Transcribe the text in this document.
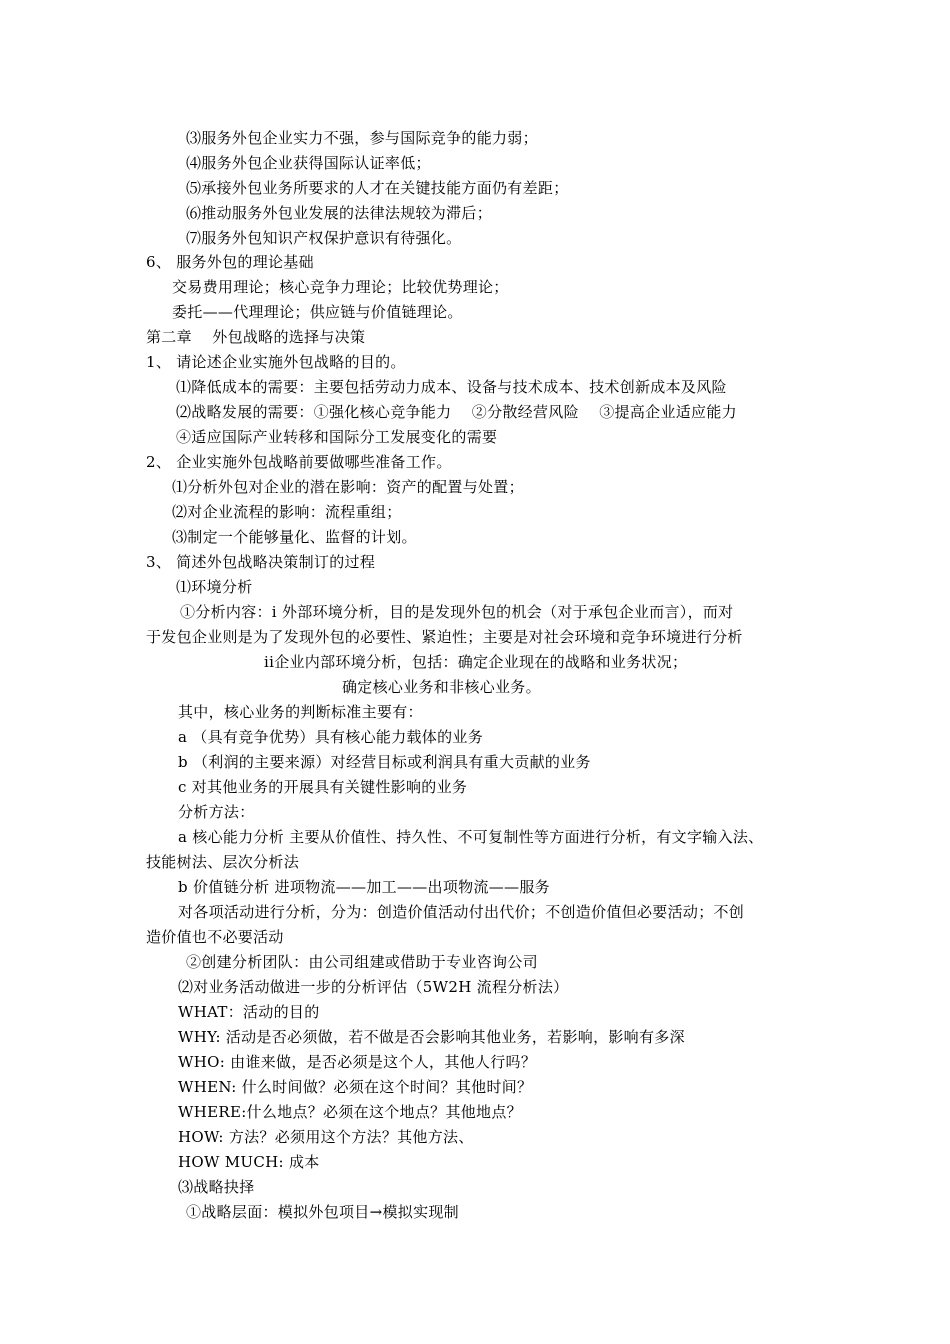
⑶服务外包企业实力不强，参与国际竞争的能力弱；
⑷服务外包企业获得国际认证率低；
⑸承接外包业务所要求的人才在关键技能方面仍有差距；
⑹推动服务外包业发展的法律法规较为滞后；
⑺服务外包知识产权保护意识有待强化。
6、 服务外包的理论基础
交易费用理论；核心竞争力理论；比较优势理论；
委托——代理理论；供应链与价值链理论。
第二章　 外包战略的选择与决策
1、 请论述企业实施外包战略的目的。
⑴降低成本的需要：主要包括劳动力成本、设备与技术成本、技术创新成本及风险
⑵战略发展的需要：①强化核心竞争能力　 ②分散经营风险　 ③提高企业适应能力
④适应国际产业转移和国际分工发展变化的需要
2、 企业实施外包战略前要做哪些准备工作。
⑴分析外包对企业的潜在影响：资产的配置与处置；
⑵对企业流程的影响：流程重组；
⑶制定一个能够量化、监督的计划。
3、 简述外包战略决策制订的过程
⑴环境分析
①分析内容：i 外部环境分析，目的是发现外包的机会（对于承包企业而言），而对
于发包企业则是为了发现外包的必要性、紧迫性；主要是对社会环境和竞争环境进行分析
ii企业内部环境分析，包括：确定企业现在的战略和业务状况；
确定核心业务和非核心业务。
其中，核心业务的判断标准主要有：
a （具有竞争优势）具有核心能力载体的业务
b （利润的主要来源）对经营目标或利润具有重大贡献的业务
c 对其他业务的开展具有关键性影响的业务
分析方法：
a 核心能力分析 主要从价值性、持久性、不可复制性等方面进行分析，有文字输入法、
技能树法、层次分析法
b 价值链分析 进项物流——加工——出项物流——服务
对各项活动进行分析，分为：创造价值活动付出代价；不创造价值但必要活动；不创
造价值也不必要活动
②创建分析团队：由公司组建或借助于专业咨询公司
⑵对业务活动做进一步的分析评估（5W2H 流程分析法）
WHAT：活动的目的
WHY: 活动是否必须做，若不做是否会影响其他业务，若影响，影响有多深
WHO: 由谁来做，是否必须是这个人，其他人行吗？
WHEN: 什么时间做？必须在这个时间？其他时间？
WHERE:什么地点？必须在这个地点？其他地点？
HOW: 方法？必须用这个方法？其他方法、
HOW MUCH: 成本
⑶战略抉择
①战略层面：模拟外包项目→模拟实现制
